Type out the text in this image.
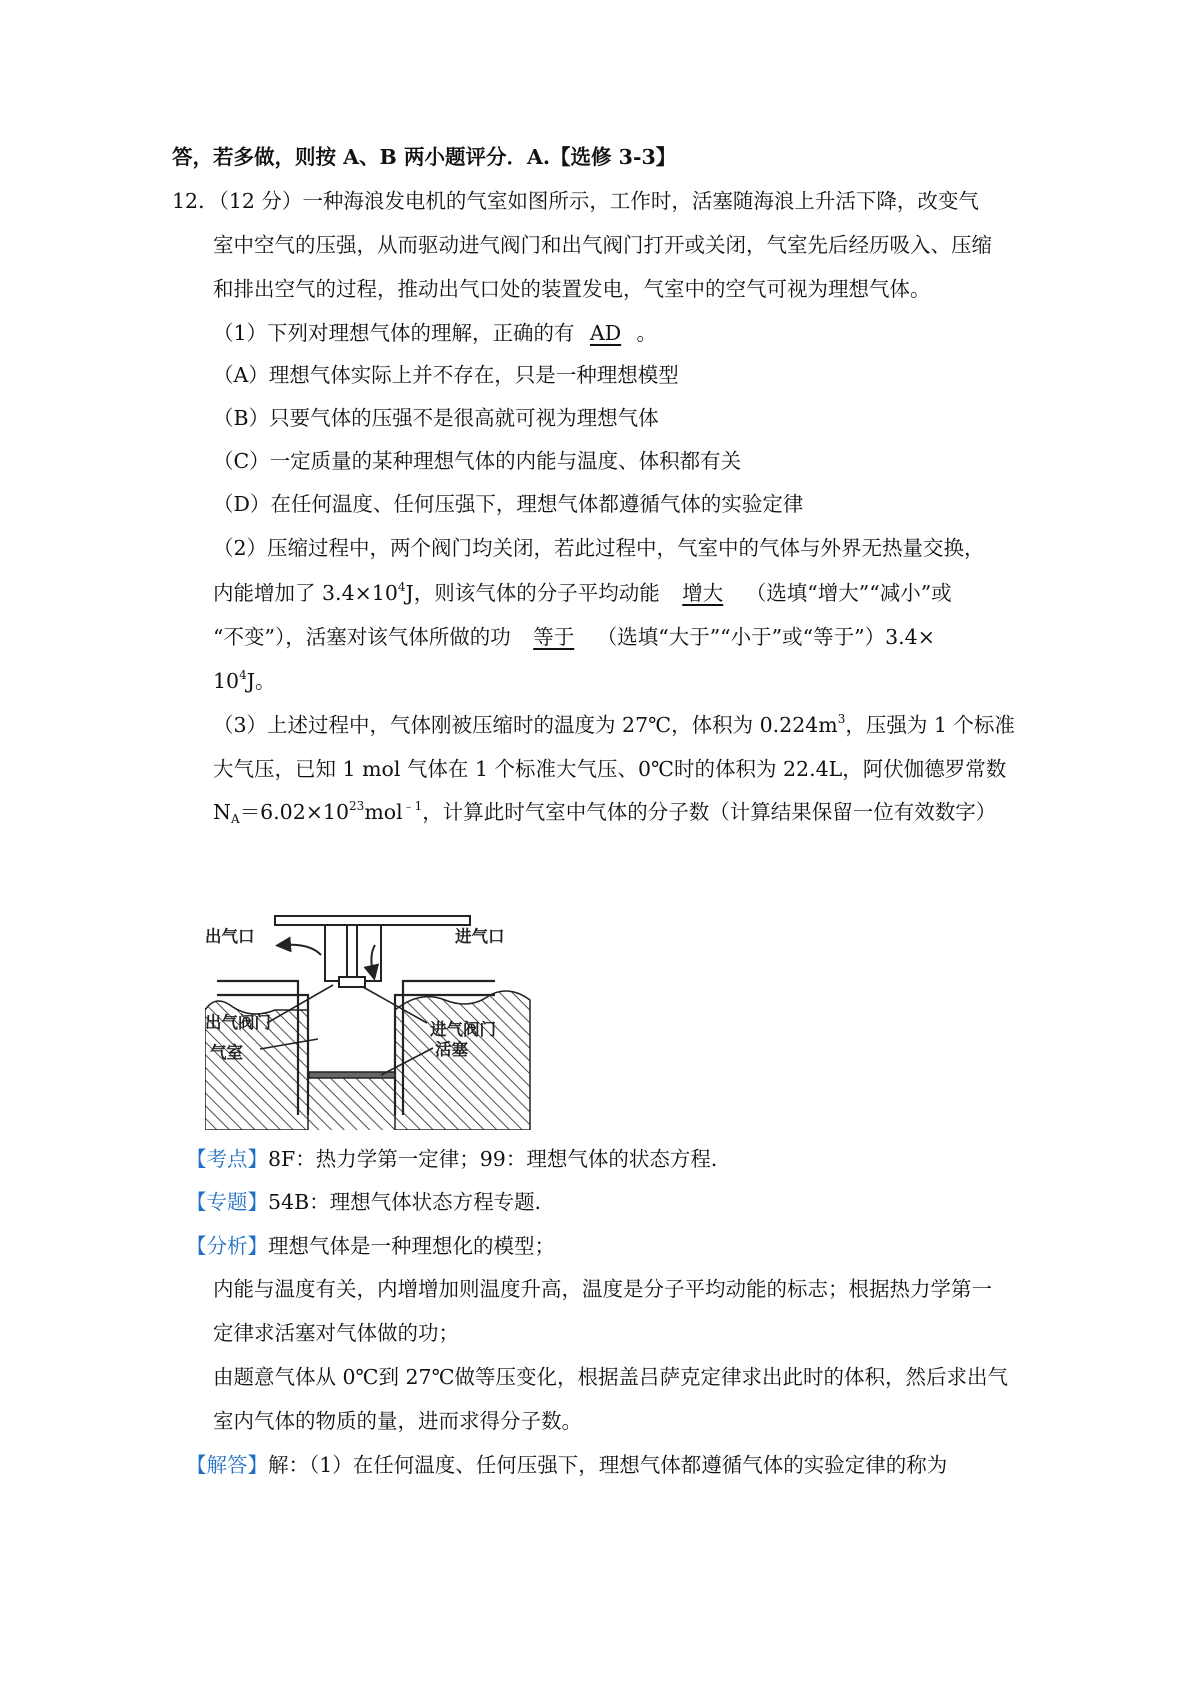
答，若多做，则按 A、B 两小题评分．A.【选修 3-3】
12．（12 分）一种海浪发电机的气室如图所示，工作时，活塞随海浪上升活下降，改变气
室中空气的压强，从而驱动进气阀门和出气阀门打开或关闭，气室先后经历吸入、压缩
和排出空气的过程，推动出气口处的装置发电，气室中的空气可视为理想气体。
（1）下列对理想气体的理解，正确的有 AD 。
（A）理想气体实际上并不存在，只是一种理想模型
（B）只要气体的压强不是很高就可视为理想气体
（C）一定质量的某种理想气体的内能与温度、体积都有关
（D）在任何温度、任何压强下，理想气体都遵循气体的实验定律
（2）压缩过程中，两个阀门均关闭，若此过程中，气室中的气体与外界无热量交换，
内能增加了 $3.4\times 10^4J$，则该气体的分子平均动能 增大 （选填“增大”“减小”或
“不变”），活塞对该气体所做的功 等于 （选填“大于”“小于”或“等于”）3.4×
$10^4J$。
（3）上述过程中，气体刚被压缩时的温度为 27℃，体积为 $0.224m^3$，压强为 1 个标准
大气压，已知 1 mol 气体在 1 个标准大气压、0℃时的体积为 22.4L，阿伏伽德罗常数
$N_A=6.02\times 10^{23}mol^{﹣1}$，计算此时气室中气体的分子数（计算结果保留一位有效数字）
出气口	进气口
出气阀门	进气阀门
气室	活塞
【考点】8F：热力学第一定律；99：理想气体的状态方程．
【专题】54B：理想气体状态方程专题．
【分析】理想气体是一种理想化的模型；
内能与温度有关，内增增加则温度升高，温度是分子平均动能的标志；根据热力学第一
定律求活塞对气体做的功；
由题意气体从 0℃到 27℃做等压变化，根据盖吕萨克定律求出此时的体积，然后求出气
室内气体的物质的量，进而求得分子数。
【解答】解：（1）在任何温度、任何压强下，理想气体都遵循气体的实验定律的称为
